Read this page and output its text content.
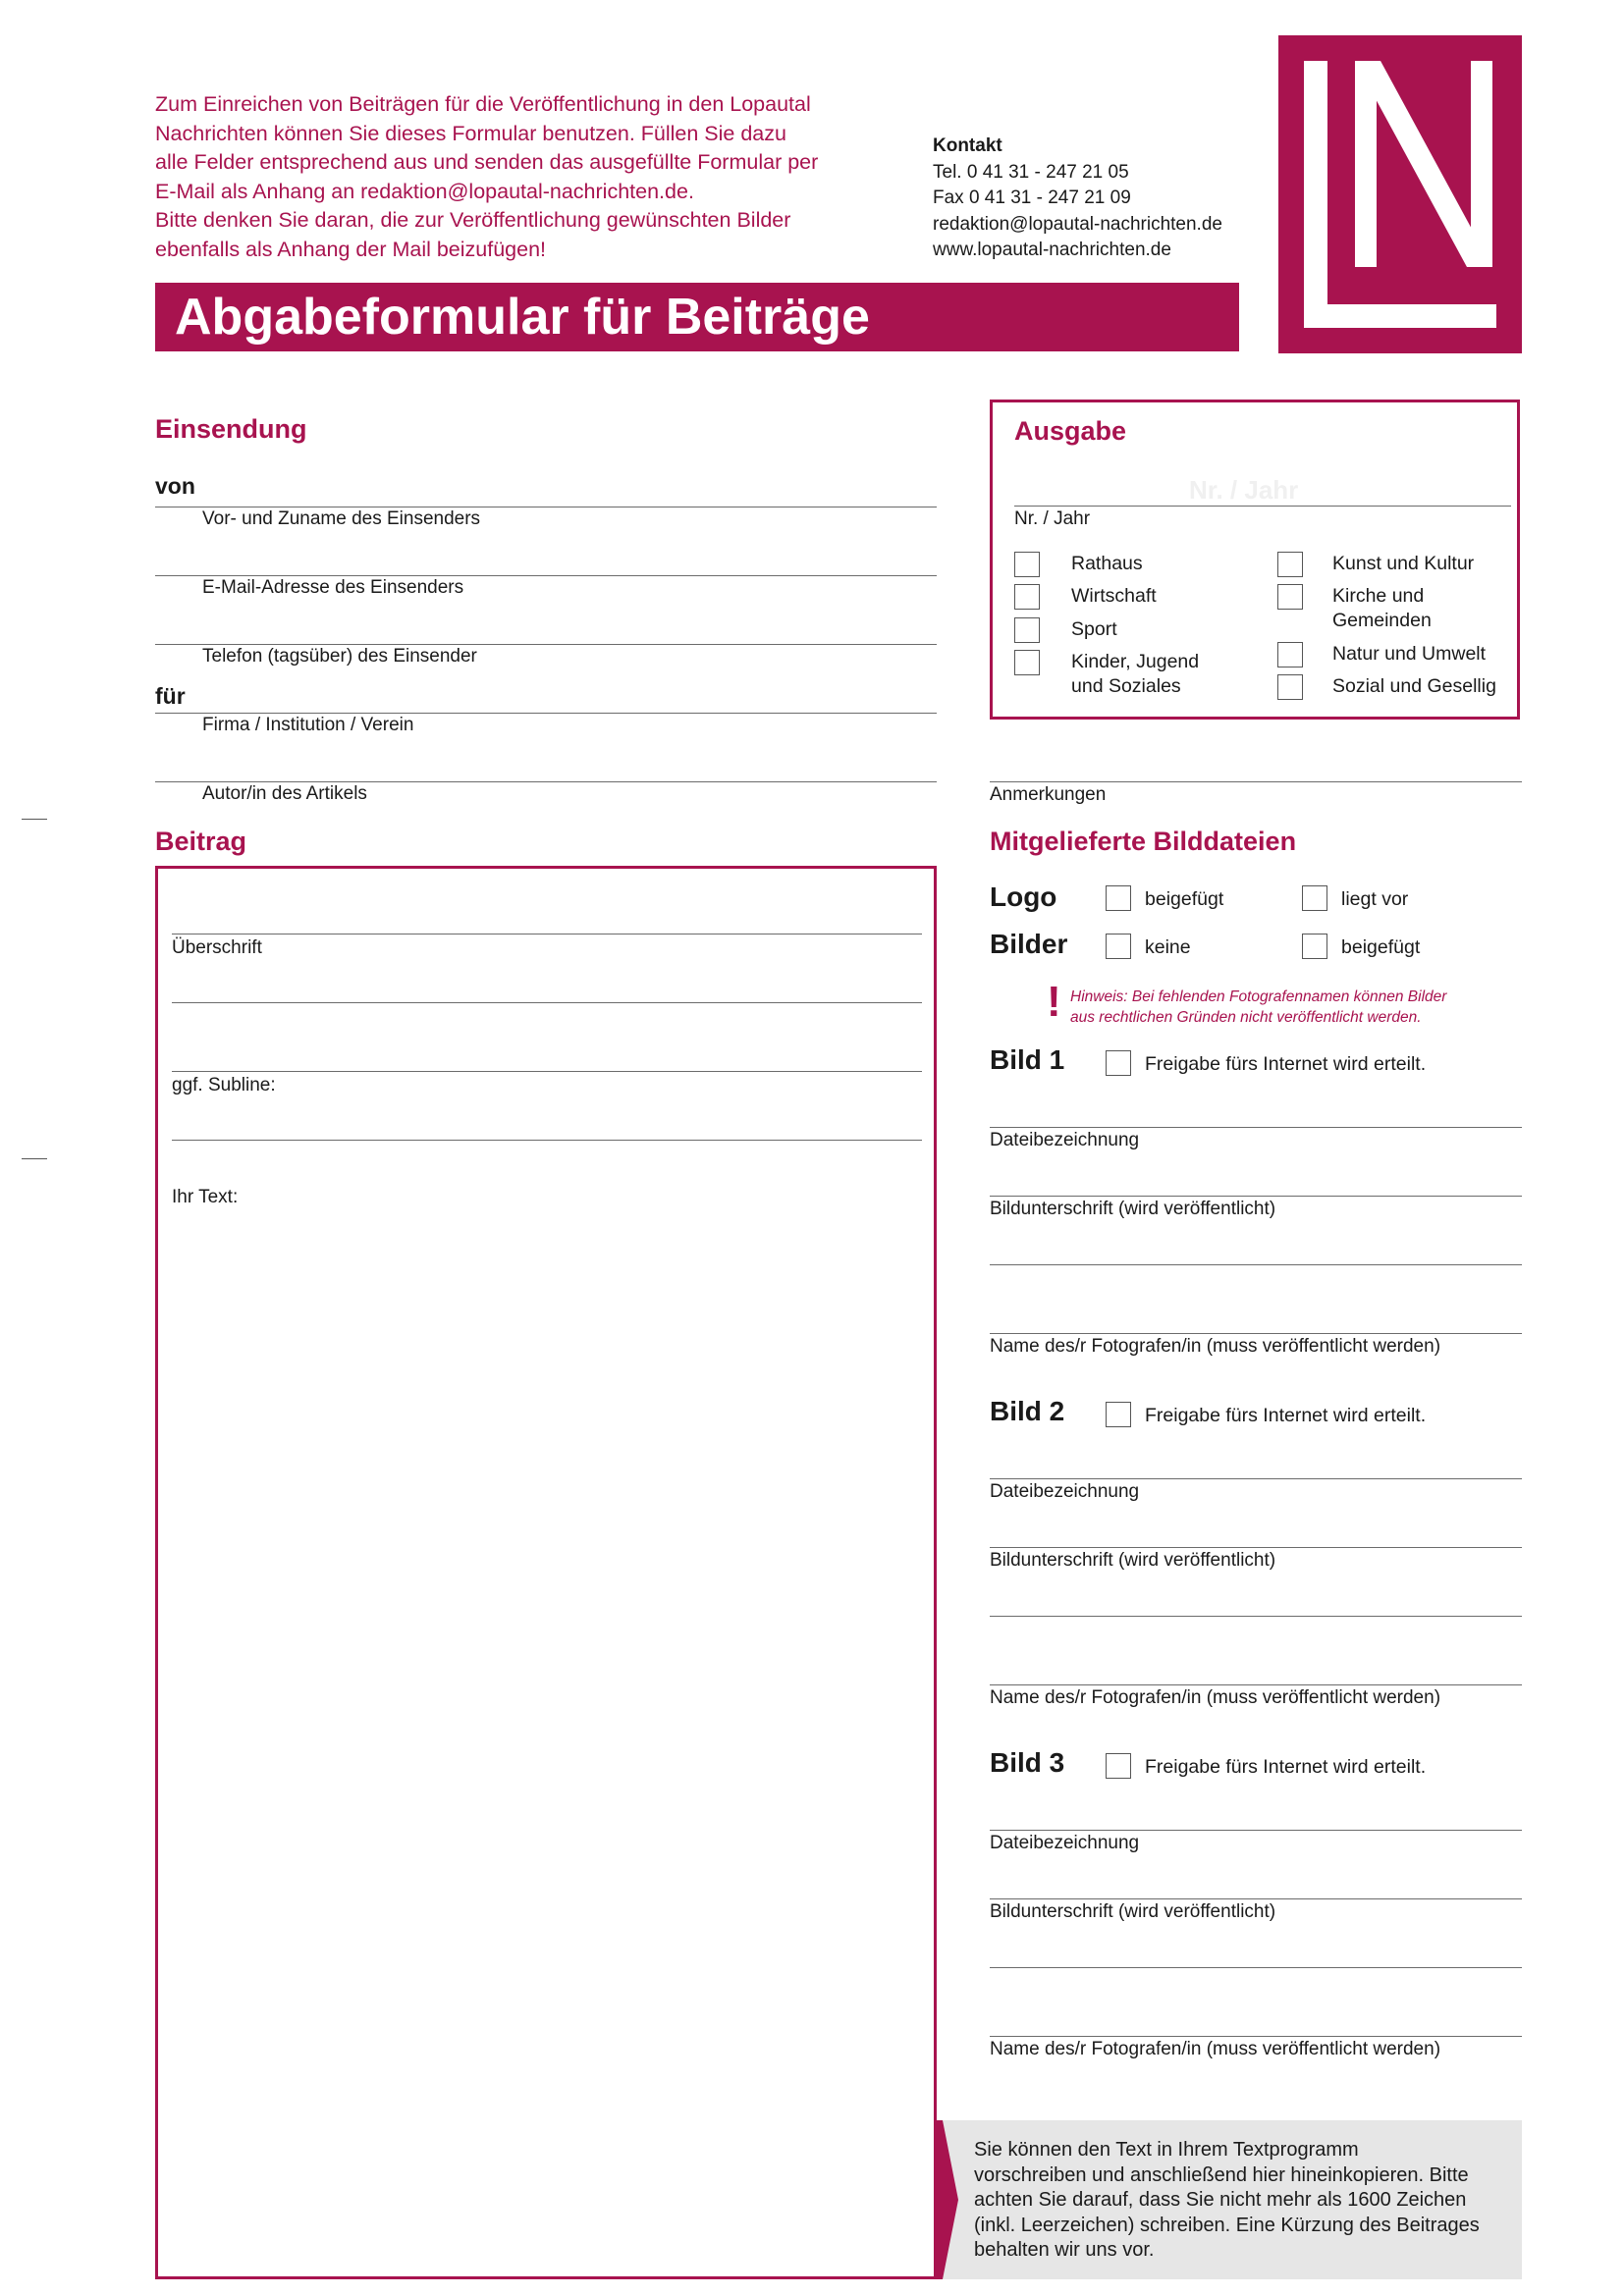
Zum Einreichen von Beiträgen für die Veröffentlichung in den Lopautal
Nachrichten können Sie dieses Formular benutzen. Füllen Sie dazu
alle Felder entsprechend aus und senden das ausgefüllte Formular per
E-Mail als Anhang an redaktion@lopautal-nachrichten.de.
Bitte denken Sie daran, die zur Veröffentlichung gewünschten Bilder
ebenfalls als Anhang der Mail beizufügen!
Kontakt
Tel. 0 41 31 - 247 21 05
Fax 0 41 31 - 247 21 09
redaktion@lopautal-nachrichten.de
www.lopautal-nachrichten.de
Abgabeformular für Beiträge
Einsendung
von
Vor- und Zuname des Einsenders
E-Mail-Adresse des Einsenders
Telefon (tagsüber) des Einsender
für
Firma / Institution / Verein
Autor/in des Artikels
Ausgabe
Nr. / Jahr
Nr. / Jahr
Rathaus
Wirtschaft
Sport
Kinder, Jugend
und Soziales
Kunst und Kultur
Kirche und
Gemeinden
Natur und Umwelt
Sozial und Gesellig
Anmerkungen
Beitrag
Überschrift
ggf. Subline:
Ihr Text:
Mitgelieferte Bilddateien
Logo	beigefügt	liegt vor
Bilder	keine	beigefügt
! Hinweis: Bei fehlenden Fotografennamen können Bilder
aus rechtlichen Gründen nicht veröffentlicht werden.
Bild 1	Freigabe fürs Internet wird erteilt.
Dateibezeichnung
Bildunterschrift (wird veröffentlicht)
Name des/r Fotografen/in (muss veröffentlicht werden)
Bild 2	Freigabe fürs Internet wird erteilt.
Dateibezeichnung
Bildunterschrift (wird veröffentlicht)
Name des/r Fotografen/in (muss veröffentlicht werden)
Bild 3	Freigabe fürs Internet wird erteilt.
Dateibezeichnung
Bildunterschrift (wird veröffentlicht)
Name des/r Fotografen/in (muss veröffentlicht werden)
Sie können den Text in Ihrem Textprogramm
vorschreiben und anschließend hier hineinkopieren. Bitte
achten Sie darauf, dass Sie nicht mehr als 1600 Zeichen
(inkl. Leerzeichen) schreiben. Eine Kürzung des Beitrages
behalten wir uns vor.
